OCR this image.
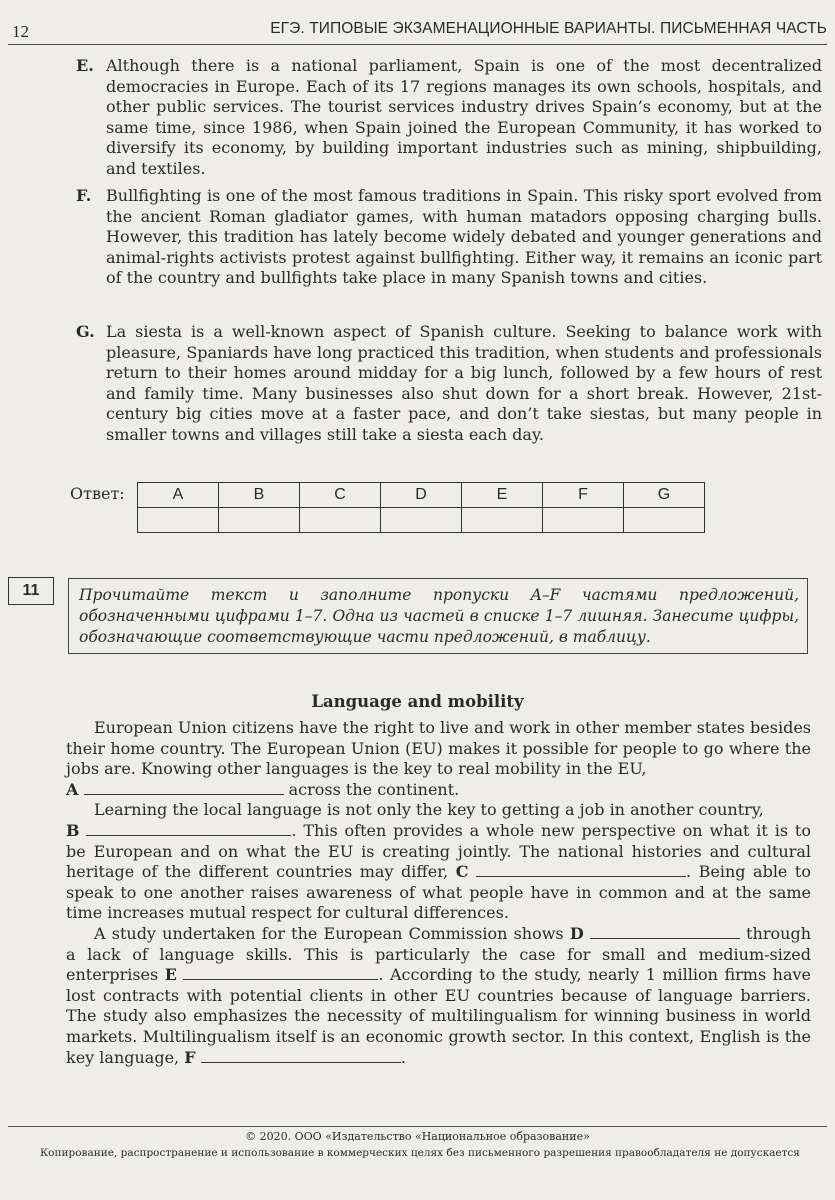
12	ЕГЭ. ТИПОВЫЕ ЭКЗАМЕНАЦИОННЫЕ ВАРИАНТЫ. ПИСЬМЕННАЯ ЧАСТЬ
E. Although there is a national parliament, Spain is one of the most decentralized democracies in Europe. Each of its 17 regions manages its own schools, hospitals, and other public services. The tourist services industry drives Spain’s economy, but at the same time, since 1986, when Spain joined the European Community, it has worked to diversify its economy, by building important industries such as mining, shipbuilding, and textiles.
F. Bullfighting is one of the most famous traditions in Spain. This risky sport evolved from the ancient Roman gladiator games, with human matadors opposing charging bulls. However, this tradition has lately become widely debated and younger generations and animal-rights activists protest against bullfighting. Either way, it remains an iconic part of the country and bullfights take place in many Spanish towns and cities.
G. La siesta is a well-known aspect of Spanish culture. Seeking to balance work with pleasure, Spaniards have long practiced this tradition, when students and professionals return to their homes around midday for a big lunch, followed by a few hours of rest and family time. Many businesses also shut down for a short break. However, 21st-century big cities move at a faster pace, and don’t take siestas, but many people in smaller towns and villages still take a siesta each day.
Ответ:	A	B	C	D	E	F	G

11	Прочитайте текст и заполните пропуски A–F частями предложений, обозначенными цифрами 1–7. Одна из частей в списке 1–7 лишняя. Занесите цифры, обозначающие соответствующие части предложений, в таблицу.
Language and mobility

European Union citizens have the right to live and work in other member states besides their home country. The European Union (EU) makes it possible for people to go where the jobs are. Knowing other languages is the key to real mobility in the EU,
A	across the continent.

Learning the local language is not only the key to getting a job in another country,
B	. This often provides a whole new perspective on what it is to be European and on what the EU is creating jointly. The national histories and cultural heritage of the different countries may differ, C	. Being able to speak to one another raises awareness of what people have in common and at the same time increases mutual respect for cultural differences.

A study undertaken for the European Commission shows D	through a lack of language skills. This is particularly the case for small and medium-sized enterprises E	. According to the study, nearly 1 million firms have lost contracts with potential clients in other EU countries because of language barriers. The study also emphasizes the necessity of multilingualism for winning business in world markets. Multilingualism itself is an economic growth sector. In this context, English is the key language, F	.

© 2020. ООО «Издательство «Национальное образование»
Копирование, распространение и использование в коммерческих целях без письменного разрешения правообладателя не допускается
